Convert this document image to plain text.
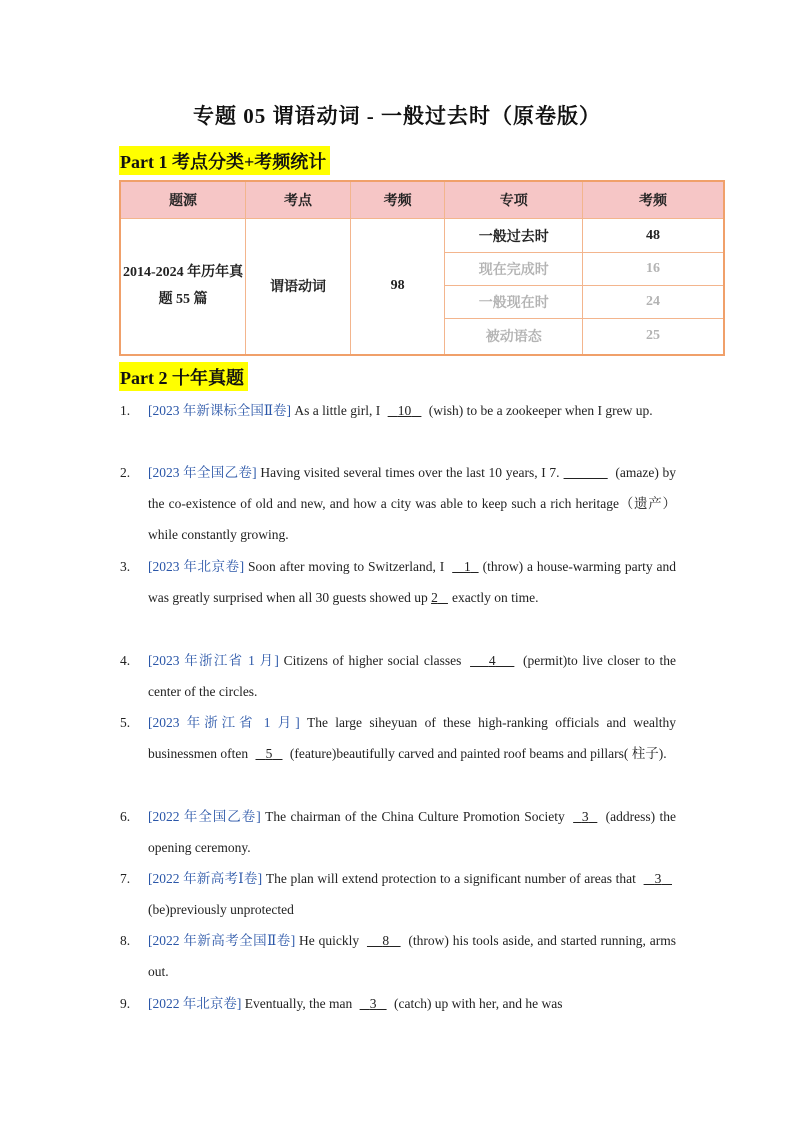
专题 05 谓语动词 - 一般过去时（原卷版）
Part 1 考点分类+考频统计
题源	考点	考频	专项	考频
2014-2024 年历年真题 55 篇	谓语动词	98	一般过去时	48
			现在完成时	16
			一般现在时	24
			被动语态	25
Part 2 十年真题
1. [2023 年新课标全国Ⅱ卷] As a little girl, I    10    (wish) to be a zookeeper when I grew up.
2. [2023 年全国乙卷] Having visited several times over the last 10 years, I 7.	(amaze) by the co-existence of old and new, and how a city was able to keep such a rich heritage（遗产）while constantly growing.
3. [2023 年北京卷] Soon after moving to Switzerland, I    1 (throw) a house-warming party and was greatly surprised when all 30 guests showed up 2 exactly on time.
4. [2023 年浙江省 1 月] Citizens of higher social classes     4     (permit)to live closer to the center of the circles.
5. [2023 年浙江省 1 月] The large siheyuan of these high-ranking officials and wealthy businessmen often    5    (feature)beautifully carved and painted roof beams and pillars( 柱子).
6. [2022 年全国乙卷] The chairman of the China Culture Promotion Society   3   (address) the opening ceremony.
7. [2022 年新高考Ⅰ卷] The plan will extend protection to a significant number of areas that    3    (be)previously unprotected
8. [2022 年新高考全国Ⅱ卷] He quickly     8    (throw) his tools aside, and started running, arms out.
9. [2022 年北京卷] Eventually, the man    3    (catch) up with her, and he was
